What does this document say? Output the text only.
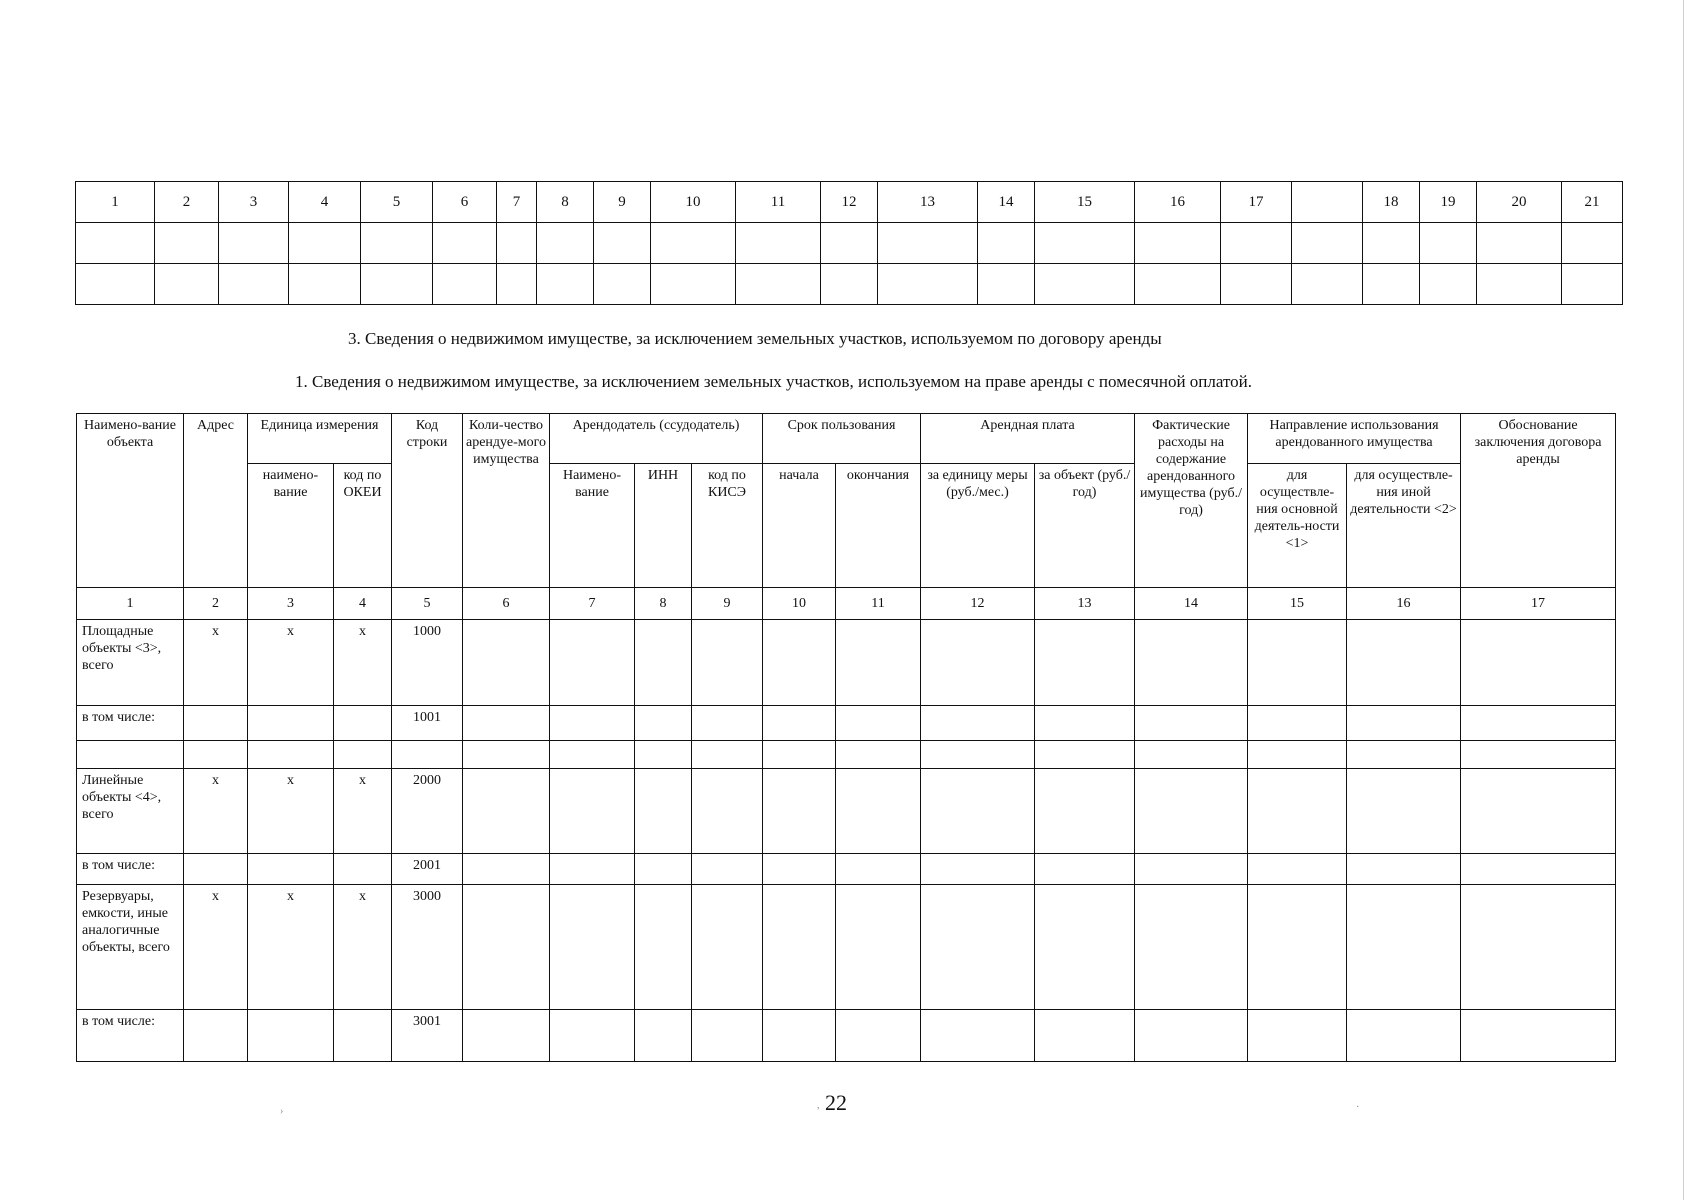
1	2	3	4	5	6	7	8	9	10	11	12	13	14	15	16	17		18	19	20	21

3. Сведения о недвижимом имуществе, за исключением земельных участков, используемом по договору аренды
1. Сведения о недвижимом имуществе, за исключением земельных участков, используемом на праве аренды с помесячной оплатой.
Наимено-вание объекта	Адрес	Единица измерения		Код строки	Коли-чество арендуе-мого имущества	Арендодатель (ссудодатель)			Срок пользования		Арендная плата		Фактические расходы на содержание арендованного имущества (руб./год)	Направление использования арендованного имущества		Обоснование заключения договора аренды
		наимено-вание	код по ОКЕИ			Наимено-вание	ИНН	код по КИСЭ	начала	окончания	за единицу меры (руб./мес.)	за объект (руб./год)		для осуществле-ния основной деятель-ности <1>	для осуществле-ния иной деятельности <2>	
1	2	3	4	5	6	7	8	9	10	11	12	13	14	15	16	17
Площадные объекты <3>, всего	x	x	x	1000												
в том числе:				1001												

Линейные объекты <4>, всего	x	x	x	2000												
в том числе:				2001												
Резервуары, емкости, иные аналогичные объекты, всего	x	x	x	3000												
в том числе:				3001												
22
,
›	·
